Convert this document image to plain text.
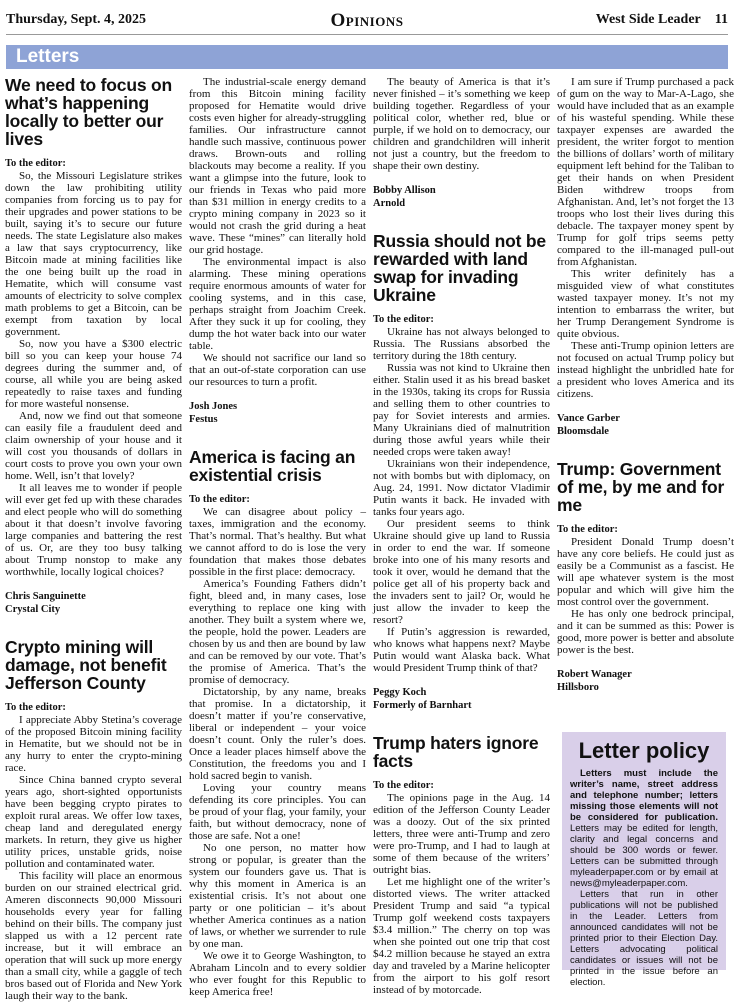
Thursday, Sept. 4, 2025	Opinions	West Side Leader 11
Letters
We need to focus on what’s happening locally to better our lives

To the editor:

So, the Missouri Legislature strikes down the law prohibiting utility companies from forcing us to pay for their upgrades and power stations to be built, saying it’s to secure our future needs. The state Legislature also makes a law that says cryptocurrency, like Bitcoin made at mining facilities like the one being built up the road in Hematite, which will consume vast amounts of electricity to solve complex math problems to get a Bitcoin, can be exempt from taxation by local government.

So, now you have a $300 electric bill so you can keep your house 74 degrees during the summer and, of course, all while you are being asked repeatedly to raise taxes and funding for more wasteful nonsense.

And, now we find out that someone can easily file a fraudulent deed and claim ownership of your house and it will cost you thousands of dollars in court costs to prove you own your own home. Well, isn’t that lovely?

It all leaves me to wonder if people will ever get fed up with these charades and elect people who will do something about it that doesn’t involve favoring large companies and battering the rest of us. Or, are they too busy talking about Trump nonstop to make any worthwhile, locally logical choices?

Chris Sanguinette
Crystal City

Crypto mining will damage, not benefit Jefferson County

To the editor:

I appreciate Abby Stetina’s coverage of the proposed Bitcoin mining facility in Hematite, but we should not be in any hurry to enter the crypto-mining race.

Since China banned crypto several years ago, short-sighted opportunists have been begging crypto pirates to exploit rural areas. We offer low taxes, cheap land and deregulated energy markets. In return, they give us higher utility prices, unstable grids, noise pollution and contaminated water.

This facility will place an enormous burden on our strained electrical grid. Ameren disconnects 90,000 Missouri households every year for falling behind on their bills. The company just slapped us with a 12 percent rate increase, but it will embrace an operation that will suck up more energy than a small city, while a gaggle of tech bros based out of Florida and New York laugh their way to the bank.

The industrial-scale energy demand from this Bitcoin mining facility proposed for Hematite would drive costs even higher for already-struggling families. Our infrastructure cannot handle such massive, continuous power draws. Brown-outs and rolling blackouts may become a reality. If you want a glimpse into the future, look to our friends in Texas who paid more than $31 million in energy credits to a crypto mining company in 2023 so it would not crash the grid during a heat wave. These “mines” can literally hold our grid hostage.

The environmental impact is also alarming. These mining operations require enormous amounts of water for cooling systems, and in this case, perhaps straight from Joachim Creek. After they suck it up for cooling, they dump the hot water back into our water table.

We should not sacrifice our land so that an out-of-state corporation can use our resources to turn a profit.

Josh Jones
Festus

America is facing an existential crisis

To the editor:

We can disagree about policy – taxes, immigration and the economy. That’s normal. That’s healthy. But what we cannot afford to do is lose the very foundation that makes those debates possible in the first place: democracy.

America’s Founding Fathers didn’t fight, bleed and, in many cases, lose everything to replace one king with another. They built a system where we, the people, hold the power. Leaders are chosen by us and then are bound by law and can be removed by our vote. That’s the promise of America. That’s the promise of democracy.

Dictatorship, by any name, breaks that promise. In a dictatorship, it doesn’t matter if you’re conservative, liberal or independent – your voice doesn’t count. Only the ruler’s does. Once a leader places himself above the Constitution, the freedoms you and I hold sacred begin to vanish.

Loving your country means defending its core principles. You can be proud of your flag, your family, your faith, but without democracy, none of those are safe. Not a one!

No one person, no matter how strong or popular, is greater than the system our founders gave us. That is why this moment in America is an existential crisis. It’s not about one party or one politician – it’s about whether America continues as a nation of laws, or whether we surrender to rule by one man.

We owe it to George Washington, to Abraham Lincoln and to every soldier who ever fought for this Republic to keep America free!

The beauty of America is that it’s never finished – it’s something we keep building together. Regardless of your political color, whether red, blue or purple, if we hold on to democracy, our children and grandchildren will inherit not just a country, but the freedom to shape their own destiny.

Bobby Allison
Arnold

Russia should not be rewarded with land swap for invading Ukraine

To the editor:

Ukraine has not always belonged to Russia. The Russians absorbed the territory during the 18th century.

Russia was not kind to Ukraine then either. Stalin used it as his bread basket in the 1930s, taking its crops for Russia and selling them to other countries to pay for Soviet interests and armies. Many Ukrainians died of malnutrition during those awful years while their needed crops were taken away!

Ukrainians won their independence, not with bombs but with diplomacy, on Aug. 24, 1991. Now dictator Vladimir Putin wants it back. He invaded with tanks four years ago.

Our president seems to think Ukraine should give up land to Russia in order to end the war. If someone broke into one of his many resorts and took it over, would he demand that the police get all of his property back and the invaders sent to jail? Or, would he just allow the invader to keep the resort?

If Putin’s aggression is rewarded, who knows what happens next? Maybe Putin would want Alaska back. What would President Trump think of that?

Peggy Koch
Formerly of Barnhart

Trump haters ignore facts

To the editor:

The opinions page in the Aug. 14 edition of the Jefferson County Leader was a doozy. Out of the six printed letters, three were anti-Trump and zero were pro-Trump, and I had to laugh at some of them because of the writers’ outright bias.

Let me highlight one of the writer’s distorted views. The writer attacked President Trump and said “a typical Trump golf weekend costs taxpayers $3.4 million.” The cherry on top was when she pointed out one trip that cost $4.2 million because he stayed an extra day and traveled by a Marine helicopter from the airport to his golf resort instead of by motorcade.

I am sure if Trump purchased a pack of gum on the way to Mar-A-Lago, she would have included that as an example of his wasteful spending. While these taxpayer expenses are awarded the president, the writer forgot to mention the billions of dollars’ worth of military equipment left behind for the Taliban to get their hands on when President Biden withdrew troops from Afghanistan. And, let’s not forget the 13 troops who lost their lives during this debacle. The taxpayer money spent by Trump for golf trips seems petty compared to the ill-managed pull-out from Afghanistan.

This writer definitely has a misguided view of what constitutes wasted taxpayer money. It’s not my intention to embarrass the writer, but her Trump Derangement Syndrome is quite obvious.

These anti-Trump opinion letters are not focused on actual Trump policy but instead highlight the unbridled hate for a president who loves America and its citizens.

Vance Garber
Bloomsdale

Trump: Government of me, by me and for me

To the editor:

President Donald Trump doesn’t have any core beliefs. He could just as easily be a Communist as a fascist. He will ape whatever system is the most popular and which will give him the most control over the government.

He has only one bedrock principal, and it can be summed as this: Power is good, more power is better and absolute power is the best.

Robert Wanager
Hillsboro

Letter policy

Letters must include the writer’s name, street address and telephone number; letters missing those elements will not be considered for publication. Letters may be edited for length, clarity and legal concerns and should be 300 words or fewer. Letters can be submitted through myleaderpaper.com or by email at news@myleaderpaper.com.

Letters that run in other publications will not be published in the Leader. Letters from announced candidates will not be printed prior to their Election Day. Letters advocating political candidates or issues will not be printed in the issue before an election.
